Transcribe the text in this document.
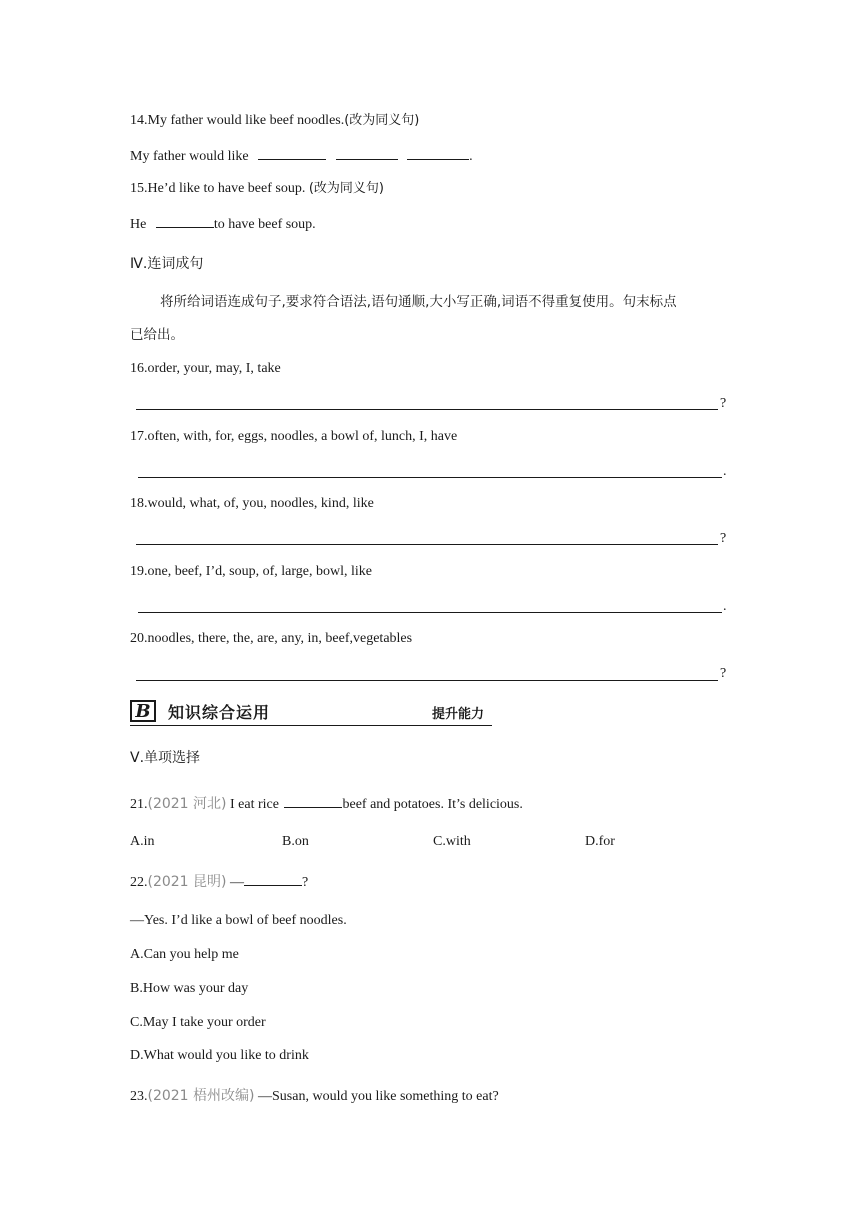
14.My father would like beef noodles.(改为同义句)
My father would like	.
15.He’d like to have beef soup. (改为同义句)
He	to have beef soup.
Ⅳ.连词成句
将所给词语连成句子,要求符合语法,语句通顺,大小写正确,词语不得重复使用。句末标点
已给出。
16.order, your, may, I, take
?
17.often, with, for, eggs, noodles, a bowl of, lunch, I, have
.
18.would, what, of, you, noodles, kind, like
?
19.one, beef, I’d, soup, of, large, bowl, like
.
20.noodles, there, the, are, any, in, beef,vegetables
?
B	知识综合运用	提升能力
Ⅴ.单项选择
21.(2021 河北) I eat rice	beef and potatoes. It’s delicious.
A.in	B.on	C.with	D.for
22.(2021 昆明) —	?
—Yes. I’d like a bowl of beef noodles.
A.Can you help me
B.How was your day
C.May I take your order
D.What would you like to drink
23.(2021 梧州改编) —Susan, would you like something to eat?
